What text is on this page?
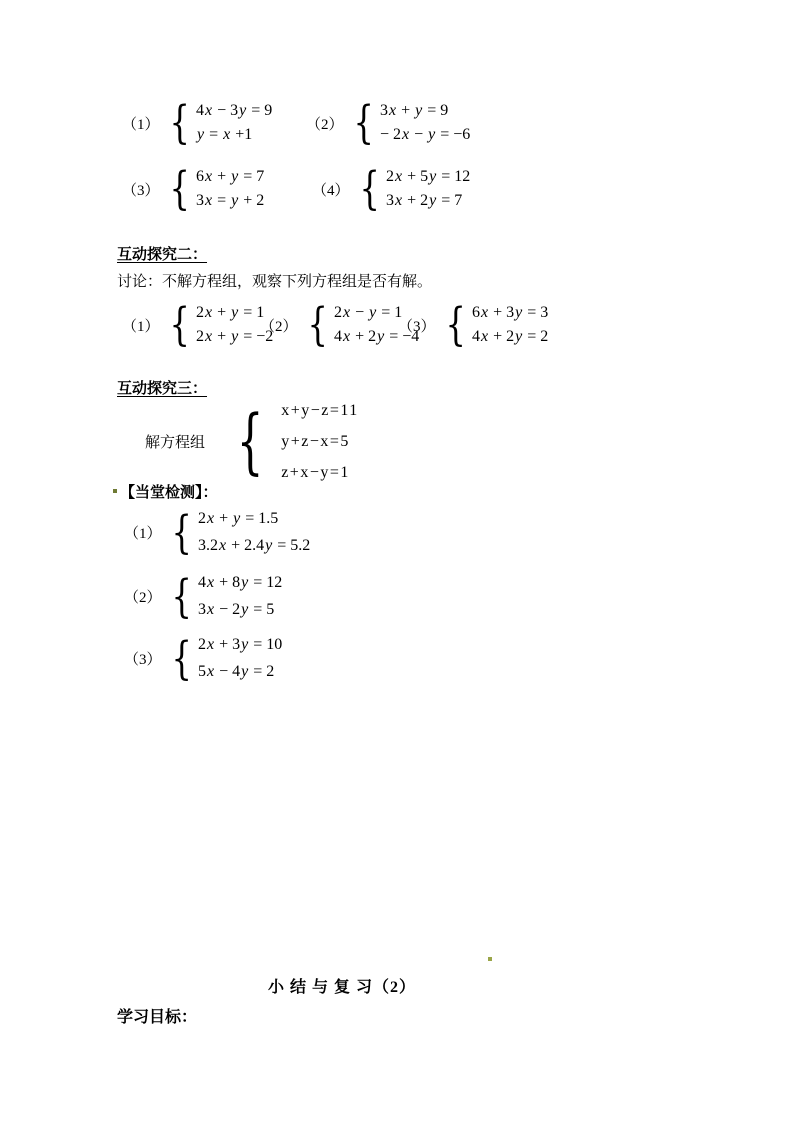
（1） { 4x − 3y = 9
y = x +1
（2） { 3x + y = 9
− 2x − y = −6
（3） { 6x + y = 7
3x = y + 2
（4） { 2x + 5y = 12
3x + 2y = 7
互动探究二：
讨论：不解方程组，观察下列方程组是否有解。
（1） { 2x + y = 1
2x + y = −2
（2） { 2x − y = 1
4x + 2y = −4
（3） { 6x + 3y = 3
4x + 2y = 2
互动探究三：
解方程组 { x+y−z=11
y+z−x=5
z+x−y=1
【当堂检测】：
（1） { 2x + y = 1.5
3.2x + 2.4y = 5.2
（2） { 4x + 8y = 12
3x − 2y = 5
（3） { 2x + 3y = 10
5x − 4y = 2
小 结 与 复 习（2）
学习目标：
